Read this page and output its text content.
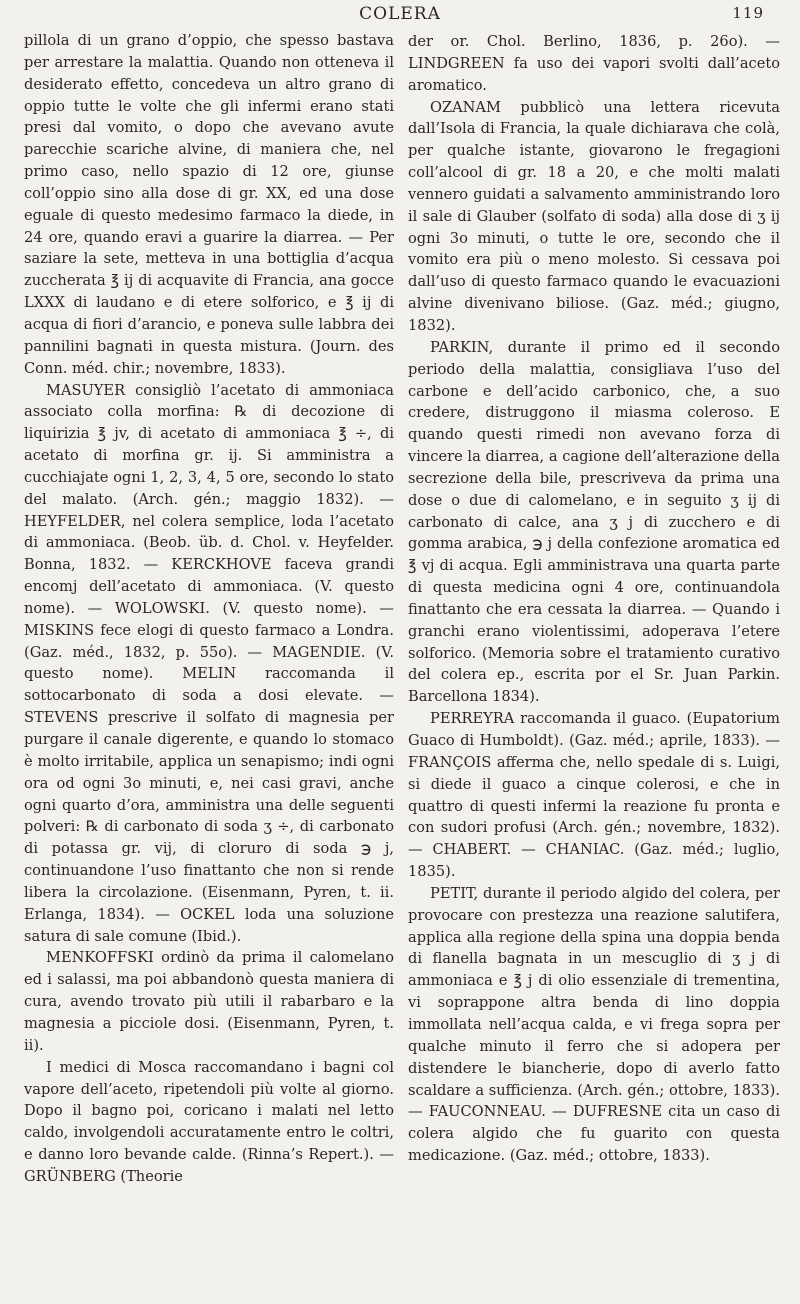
COLERA	119

pillola di un grano d’oppio, che spesso bastava per arrestare la malattia. Quando non otteneva il desiderato effetto, concedeva un altro grano di oppio tutte le volte che gli infermi erano stati presi dal vomito, o dopo che avevano avute parecchie scariche alvine, di maniera che, nel primo caso, nello spazio di 12 ore, giunse coll’oppio sino alla dose di gr. XX, ed una dose eguale di questo medesimo farmaco la diede, in 24 ore, quando eravi a guarire la diarrea. — Per saziare la sete, metteva in una bottiglia d’acqua zuccherata ℥ ij di acquavite di Francia, ana gocce LXXX di laudano e di etere solforico, e ℥ ij di acqua di fiori d’arancio, e poneva sulle labbra dei pannilini bagnati in questa mistura. (Journ. des Conn. méd. chir.; novembre, 1833).

MASUYER consigliò l’acetato di ammoniaca associato colla morfina: ℞ di decozione di liquirizia ℥ jv, di acetato di ammoniaca ℥ ÷, di acetato di morfina gr. ij. Si amministra a cucchiajate ogni 1, 2, 3, 4, 5 ore, secondo lo stato del malato. (Arch. gén.; maggio 1832). — HEYFELDER, nel colera semplice, loda l’acetato di ammoniaca. (Beob. üb. d. Chol. v. Heyfelder. Bonna, 1832. — KERCKHOVE faceva grandi encomj dell’acetato di ammoniaca. (V. questo nome). — WOLOWSKI. (V. questo nome). — MISKINS fece elogi di questo farmaco a Londra. (Gaz. méd., 1832, p. 55o). — MAGENDIE. (V. questo nome). MELIN raccomanda il sottocarbonato di soda a dosi elevate. — STEVENS prescrive il solfato di magnesia per purgare il canale digerente, e quando lo stomaco è molto irritabile, applica un senapismo; indi ogni ora od ogni 3o minuti, e, nei casi gravi, anche ogni quarto d’ora, amministra una delle seguenti polveri: ℞ di carbonato di soda ʒ ÷, di carbonato di potassa gr. vij, di cloruro di soda ℈ j, continuandone l’uso finattanto che non si rende libera la circolazione. (Eisenmann, Pyren, t. ii. Erlanga, 1834). — OCKEL loda una soluzione satura di sale comune (Ibid.).

MENKOFFSKI ordinò da prima il calomelano ed i salassi, ma poi abbandonò questa maniera di cura, avendo trovato più utili il rabarbaro e la magnesia a picciole dosi. (Eisenmann, Pyren, t. ii).

I medici di Mosca raccomandano i bagni col vapore dell’aceto, ripetendoli più volte al giorno. Dopo il bagno poi, coricano i malati nel letto caldo, involgendoli accuratamente entro le coltri, e danno loro bevande calde. (Rinna’s Repert.). — GRÜNBERG (Theorie

der or. Chol. Berlino, 1836, p. 26o). — LINDGREEN fa uso dei vapori svolti dall’aceto aromatico.

OZANAM pubblicò una lettera ricevuta dall’Isola di Francia, la quale dichiarava che colà, per qualche istante, giovarono le fregagioni coll’alcool di gr. 18 a 20, e che molti malati vennero guidati a salvamento amministrando loro il sale di Glauber (solfato di soda) alla dose di ʒ ij ogni 3o minuti, o tutte le ore, secondo che il vomito era più o meno molesto. Si cessava poi dall’uso di questo farmaco quando le evacuazioni alvine divenivano biliose. (Gaz. méd.; giugno, 1832).

PARKIN, durante il primo ed il secondo periodo della malattia, consigliava l’uso del carbone e dell’acido carbonico, che, a suo credere, distruggono il miasma coleroso. E quando questi rimedi non avevano forza di vincere la diarrea, a cagione dell’alterazione della secrezione della bile, prescriveva da prima una dose o due di calomelano, e in seguito ʒ ij di carbonato di calce, ana ʒ j di zucchero e di gomma arabica, ℈ j della confezione aromatica ed ℥ vj di acqua. Egli amministrava una quarta parte di questa medicina ogni 4 ore, continuandola finattanto che era cessata la diarrea. — Quando i granchi erano violentissimi, adoperava l’etere solforico. (Memoria sobre el tratamiento curativo del colera ep., escrita por el Sr. Juan Parkin. Barcellona 1834).

PERREYRA raccomanda il guaco. (Eupatorium Guaco di Humboldt). (Gaz. méd.; aprile, 1833). — FRANÇOIS afferma che, nello spedale di s. Luigi, si diede il guaco a cinque colerosi, e che in quattro di questi infermi la reazione fu pronta e con sudori profusi (Arch. gén.; novembre, 1832). — CHABERT. — CHANIAC. (Gaz. méd.; luglio, 1835).

PETIT, durante il periodo algido del colera, per provocare con prestezza una reazione salutifera, applica alla regione della spina una doppia benda di flanella bagnata in un mescuglio di ʒ j di ammoniaca e ℥ j di olio essenziale di trementina, vi soprappone altra benda di lino doppia immollata nell’acqua calda, e vi frega sopra per qualche minuto il ferro che si adopera per distendere le biancherie, dopo di averlo fatto scaldare a sufficienza. (Arch. gén.; ottobre, 1833). — FAUCONNEAU. — DUFRESNE cita un caso di colera algido che fu guarito con questa medicazione. (Gaz. méd.; ottobre, 1833).
